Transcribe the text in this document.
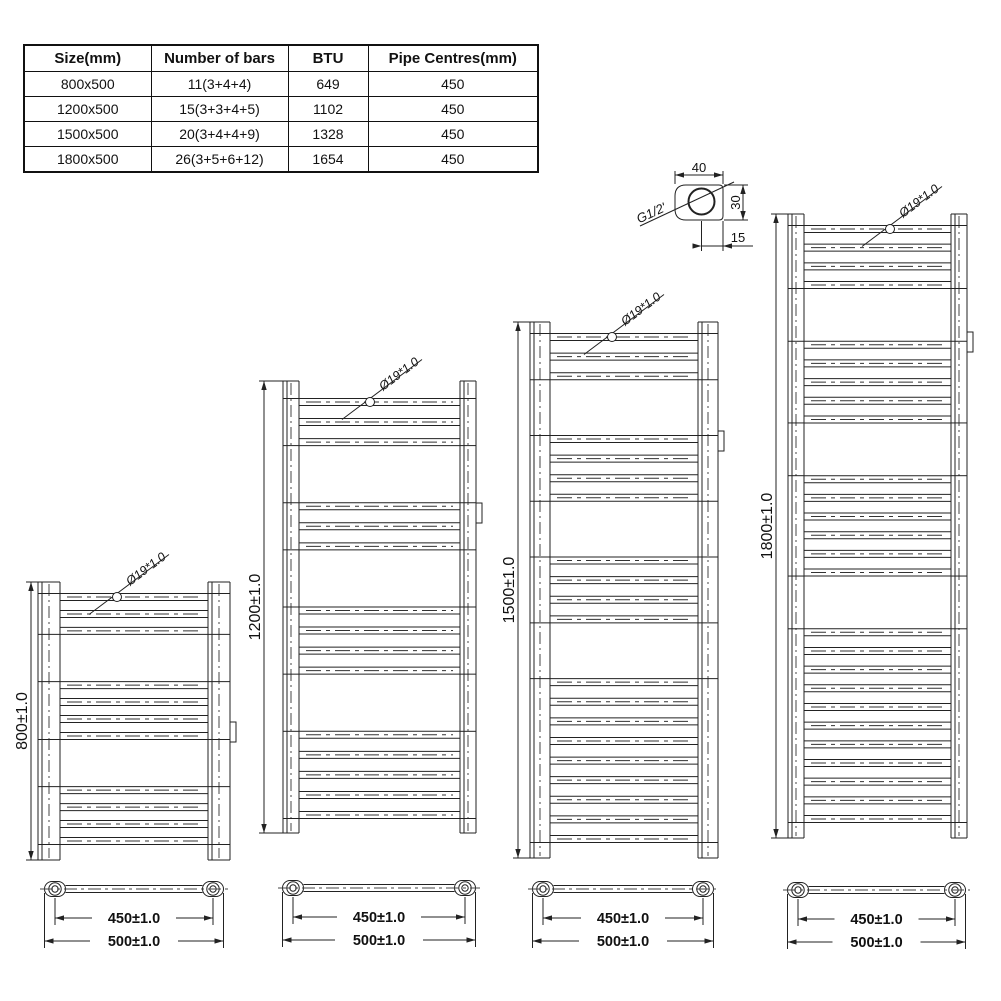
Size(mm)	Number of bars	BTU	Pipe Centres(mm)
800x500	11(3+4+4)	649	450
1200x500	15(3+3+4+5)	1102	450
1500x500	20(3+4+4+9)	1328	450
1800x500	26(3+5+6+12)	1654	450
800±1.0
Ø19*1.0
1200±1.0
Ø19*1.0
1500±1.0
Ø19*1.0
1800±1.0
Ø19*1.0
450±1.0
500±1.0
450±1.0
500±1.0
450±1.0
500±1.0
450±1.0
500±1.0
40
30
15
G1/2'
